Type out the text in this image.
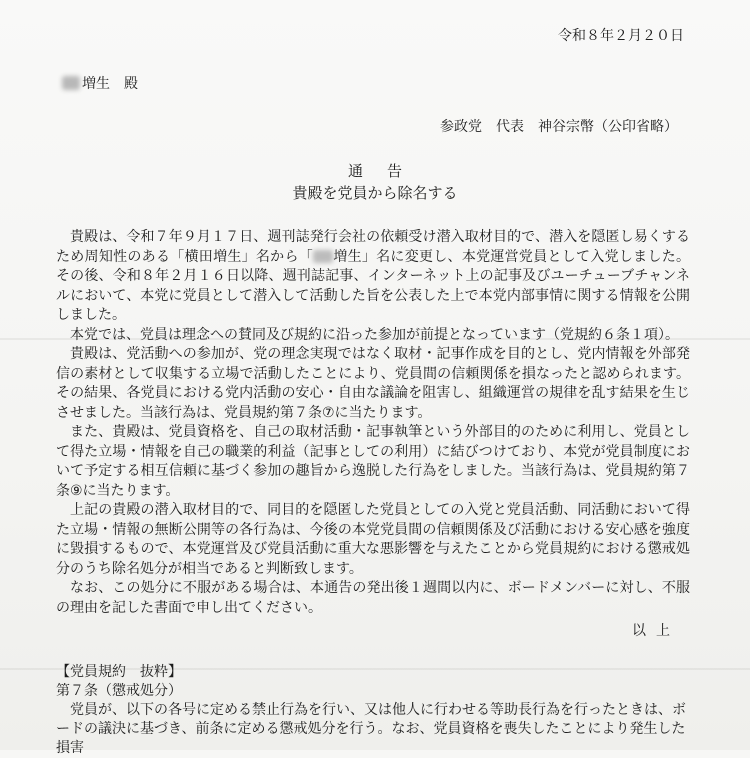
令和８年２月２０日
増生 殿
参政党　代表　神谷宗幣（公印省略）
通告
貴殿を党員から除名する

貴殿は、令和７年９月１７日、週刊誌発行会社の依頼受け潜入取材目的で、潜入を隠匿し易くするため周知性のある「横田増生」名から「 増生」名に変更し、本党運営党員として入党しました。その後、令和８年２月１６日以降、週刊誌記事、インターネット上の記事及びユーチューブチャンネルにおいて、本党に党員として潜入して活動した旨を公表した上で本党内部事情に関する情報を公開しました。

本党では、党員は理念への賛同及び規約に沿った参加が前提となっています（党規約６条１項）。

貴殿は、党活動への参加が、党の理念実現ではなく取材・記事作成を目的とし、党内情報を外部発信の素材として収集する立場で活動したことにより、党員間の信頼関係を損なったと認められます。その結果、各党員における党内活動の安心・自由な議論を阻害し、組織運営の規律を乱す結果を生じさせました。当該行為は、党員規約第７条⑦に当たります。

また、貴殿は、党員資格を、自己の取材活動・記事執筆という外部目的のために利用し、党員として得た立場・情報を自己の職業的利益（記事としての利用）に結びつけており、本党が党員制度において予定する相互信頼に基づく参加の趣旨から逸脱した行為をしました。当該行為は、党員規約第７条⑨に当たります。

上記の貴殿の潜入取材目的で、同目的を隠匿した党員としての入党と党員活動、同活動において得た立場・情報の無断公開等の各行為は、今後の本党党員間の信頼関係及び活動における安心感を強度に毀損するもので、本党運営及び党員活動に重大な悪影響を与えたことから党員規約における懲戒処分のうち除名処分が相当であると判断致します。

なお、この処分に不服がある場合は、本通告の発出後１週間以内に、ボードメンバーに対し、不服の理由を記した書面で申し出てください。

以上
【党員規約　抜粋】
第７条（懲戒処分）
党員が、以下の各号に定める禁止行為を行い、又は他人に行わせる等助長行為を行ったときは、ボードの議決に基づき、前条に定める懲戒処分を行う。なお、党員資格を喪失したことにより発生した損害
